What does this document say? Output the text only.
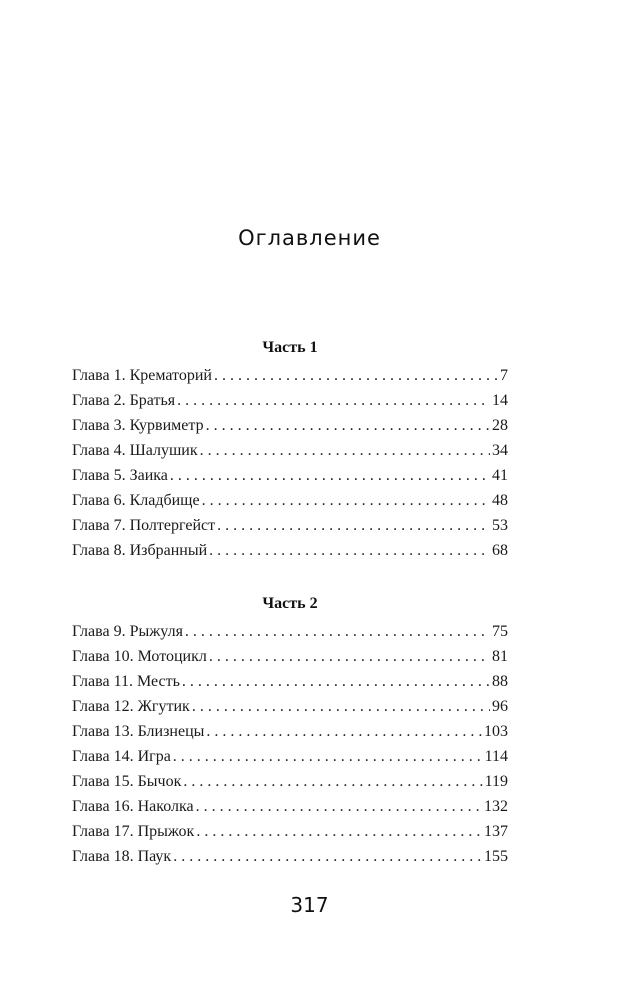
Оглавление
Часть 1
Глава 1. Крематорий . . .	7
Глава 2. Братья . . .	14
Глава 3. Курвиметр . . .	28
Глава 4. Шалушик . . .	34
Глава 5. Заика . . .	41
Глава 6. Кладбище . . .	48
Глава 7. Полтергейст . . .	53
Глава 8. Избранный . . .	68
Часть 2
Глава 9. Рыжуля . . .	75
Глава 10. Мотоцикл . . .	81
Глава 11. Месть . . .	88
Глава 12. Жгутик . . .	96
Глава 13. Близнецы . . .	103
Глава 14. Игра . . .	114
Глава 15. Бычок . . .	119
Глава 16. Наколка . . .	132
Глава 17. Прыжок . . .	137
Глава 18. Паук . . .	155
317
